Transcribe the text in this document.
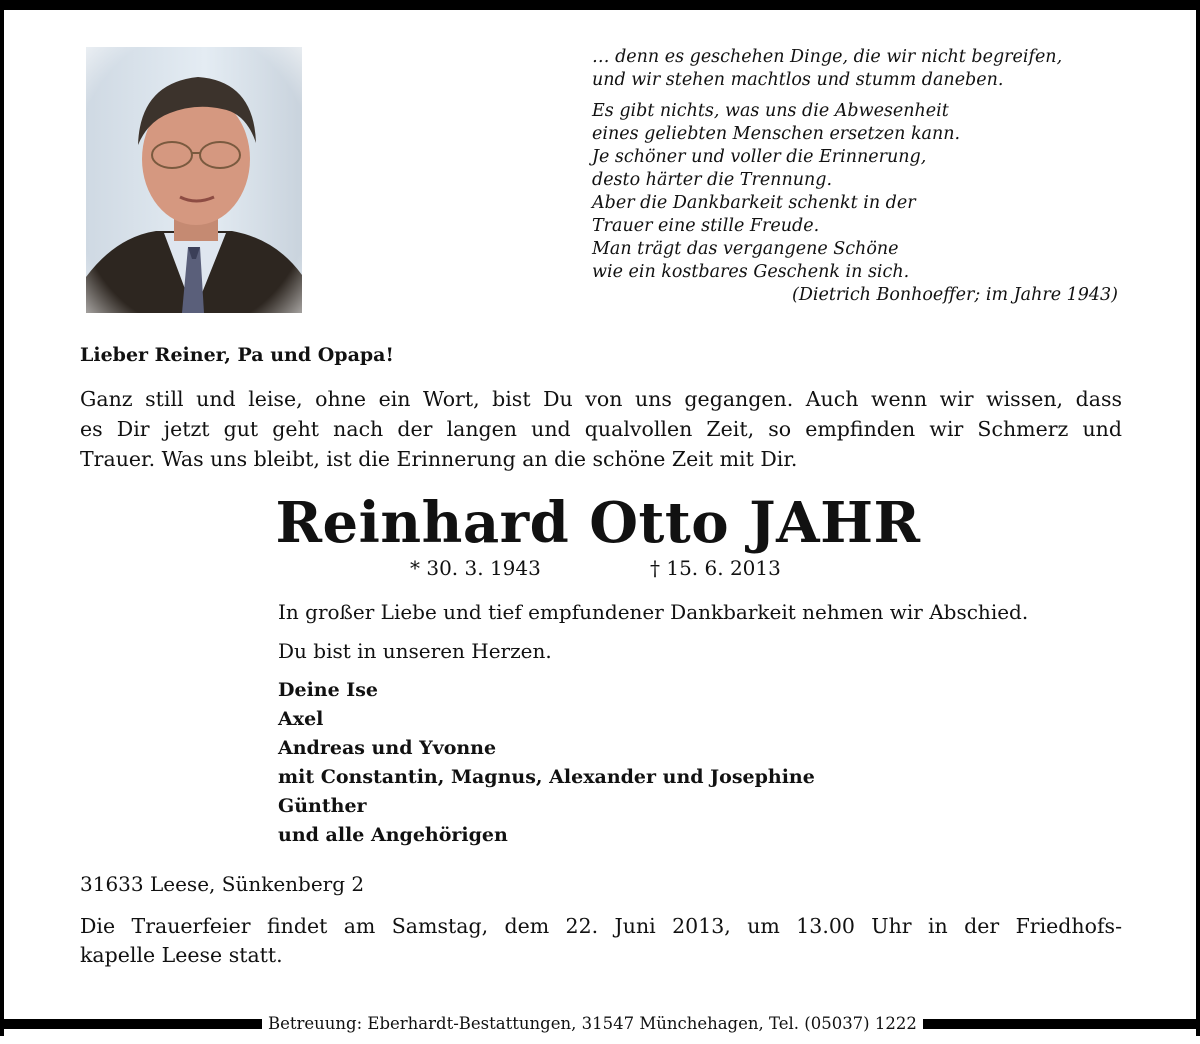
… denn es geschehen Dinge, die wir nicht begreifen,
und wir stehen machtlos und stumm daneben.
Es gibt nichts, was uns die Abwesenheit
eines geliebten Menschen ersetzen kann.
Je schöner und voller die Erinnerung,
desto härter die Trennung.
Aber die Dankbarkeit schenkt in der
Trauer eine stille Freude.
Man trägt das vergangene Schöne
wie ein kostbares Geschenk in sich.
(Dietrich Bonhoeffer; im Jahre 1943)
Lieber Reiner, Pa und Opapa!
Ganz still und leise, ohne ein Wort, bist Du von uns gegangen. Auch wenn wir wissen, dass
es Dir jetzt gut geht nach der langen und qualvollen Zeit, so empfinden wir Schmerz und
Trauer. Was uns bleibt, ist die Erinnerung an die schöne Zeit mit Dir.
Reinhard Otto JAHR
* 30. 3. 1943	† 15. 6. 2013
In großer Liebe und tief empfundener Dankbarkeit nehmen wir Abschied.
Du bist in unseren Herzen.
Deine Ise
Axel
Andreas und Yvonne
mit Constantin, Magnus, Alexander und Josephine
Günther
und alle Angehörigen
31633 Leese, Sünkenberg 2
Die Trauerfeier findet am Samstag, dem 22. Juni 2013, um 13.00 Uhr in der Friedhofs-
kapelle Leese statt.
Betreuung: Eberhardt-Bestattungen, 31547 Münchehagen, Tel. (05037) 1222
